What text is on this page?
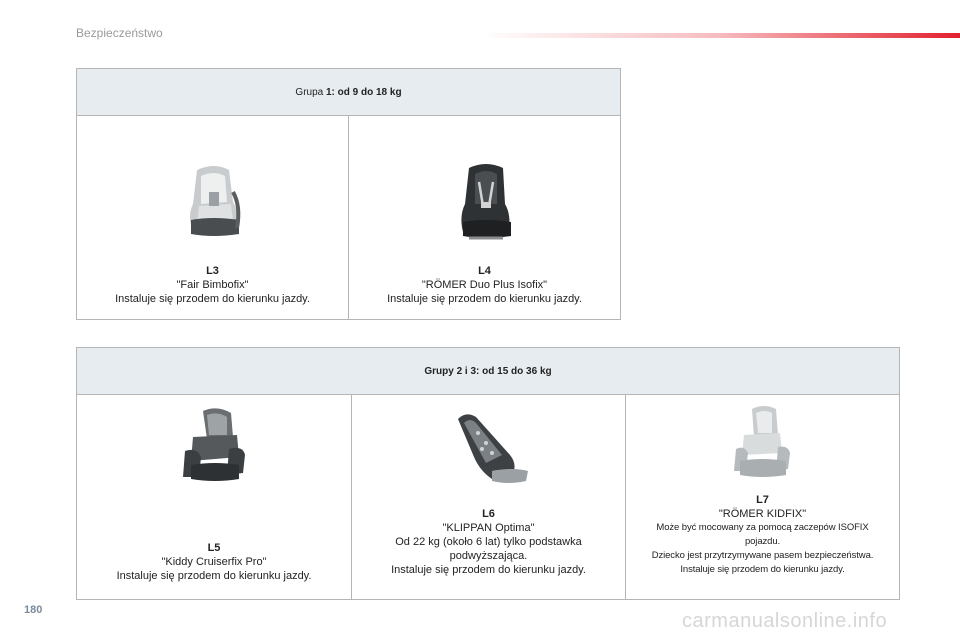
Bezpieczeństwo
Grupa 1: od 9 do 18 kg
L3
"Fair Bimbofix"
Instaluje się przodem do kierunku jazdy.
L4
"RÖMER Duo Plus Isofix"
Instaluje się przodem do kierunku jazdy.
Grupy 2 i 3: od 15 do 36 kg
L5
"Kiddy Cruiserfix Pro"
Instaluje się przodem do kierunku jazdy.
L6
"KLIPPAN Optima"
Od 22 kg (około 6 lat) tylko podstawka
podwyższająca.
Instaluje się przodem do kierunku jazdy.
L7
"RÖMER KIDFIX"
Może być mocowany za pomocą zaczepów ISOFIX
pojazdu.
Dziecko jest przytrzymywane pasem bezpieczeństwa.
Instaluje się przodem do kierunku jazdy.
180	carmanualsonline.info
